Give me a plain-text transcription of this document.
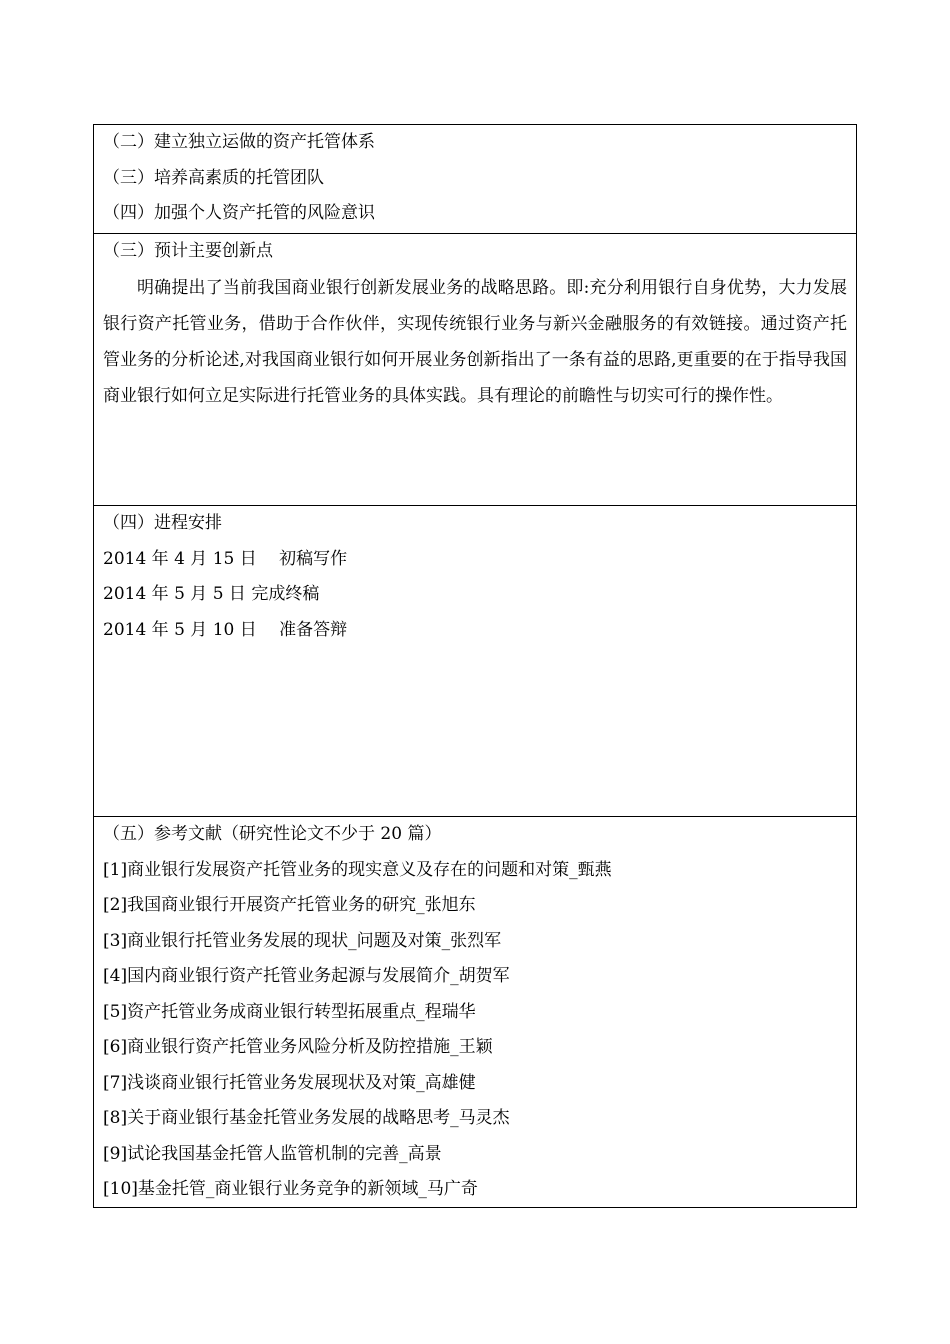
（二）建立独立运做的资产托管体系
（三）培养高素质的托管团队
（四）加强个人资产托管的风险意识
（三）预计主要创新点

明确提出了当前我国商业银行创新发展业务的战略思路。即:充分利用银行自身优势，大力发展银行资产托管业务，借助于合作伙伴，实现传统银行业务与新兴金融服务的有效链接。通过资产托管业务的分析论述,对我国商业银行如何开展业务创新指出了一条有益的思路,更重要的在于指导我国商业银行如何立足实际进行托管业务的具体实践。具有理论的前瞻性与切实可行的操作性。

（四）进程安排
2014 年 4 月 15 日　 初稿写作
2014 年 5 月 5 日 完成终稿
2014 年 5 月 10 日　 准备答辩
（五）参考文献（研究性论文不少于 20 篇）
[1]商业银行发展资产托管业务的现实意义及存在的问题和对策_甄燕
[2]我国商业银行开展资产托管业务的研究_张旭东
[3]商业银行托管业务发展的现状_问题及对策_张烈军
[4]国内商业银行资产托管业务起源与发展简介_胡贺军
[5]资产托管业务成商业银行转型拓展重点_程瑞华
[6]商业银行资产托管业务风险分析及防控措施_王颖
[7]浅谈商业银行托管业务发展现状及对策_高雄健
[8]关于商业银行基金托管业务发展的战略思考_马灵杰
[9]试论我国基金托管人监管机制的完善_高景
[10]基金托管_商业银行业务竞争的新领域_马广奇
